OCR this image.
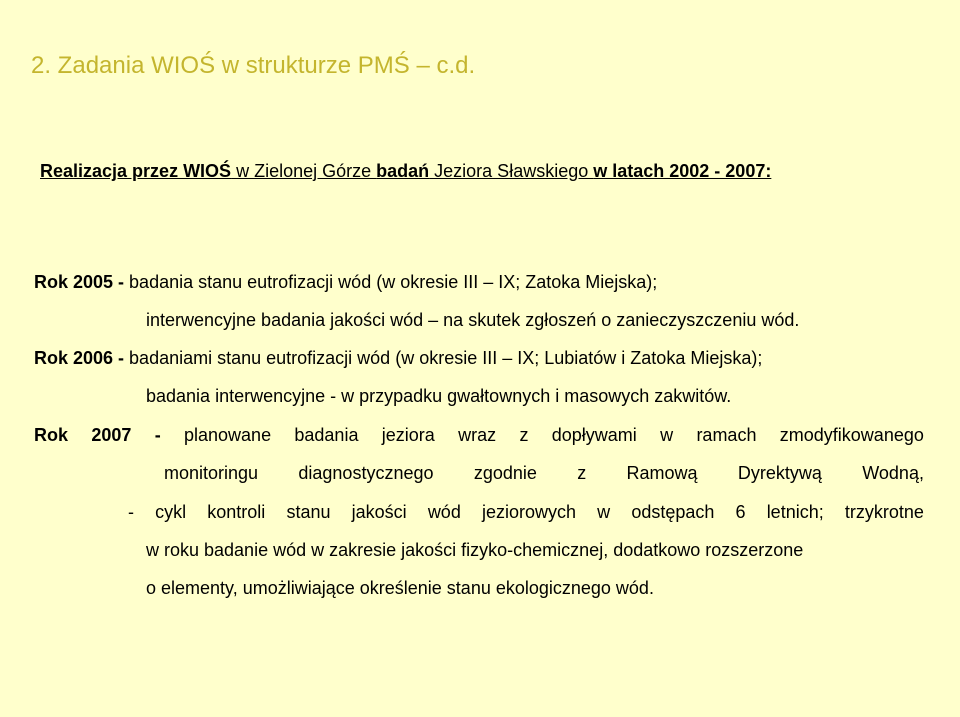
2. Zadania WIOŚ w strukturze PMŚ – c.d.
Realizacja przez WIOŚ w Zielonej Górze badań Jeziora Sławskiego w latach 2002 - 2007:
Rok 2005 - badania stanu eutrofizacji wód (w okresie III – IX; Zatoka Miejska);
interwencyjne badania jakości wód – na skutek zgłoszeń o zanieczyszczeniu wód.
Rok 2006 - badaniami stanu eutrofizacji wód (w okresie III – IX; Lubiatów i Zatoka Miejska);
badania interwencyjne - w przypadku gwałtownych i masowych zakwitów.
Rok 2007 - planowane badania jeziora wraz z dopływami w ramach zmodyfikowanego
monitoringu diagnostycznego zgodnie z Ramową Dyrektywą Wodną,
- cykl kontroli stanu jakości wód jeziorowych w odstępach 6 letnich; trzykrotne
w roku badanie wód w zakresie jakości fizyko-chemicznej, dodatkowo rozszerzone
o elementy, umożliwiające określenie stanu ekologicznego wód.
